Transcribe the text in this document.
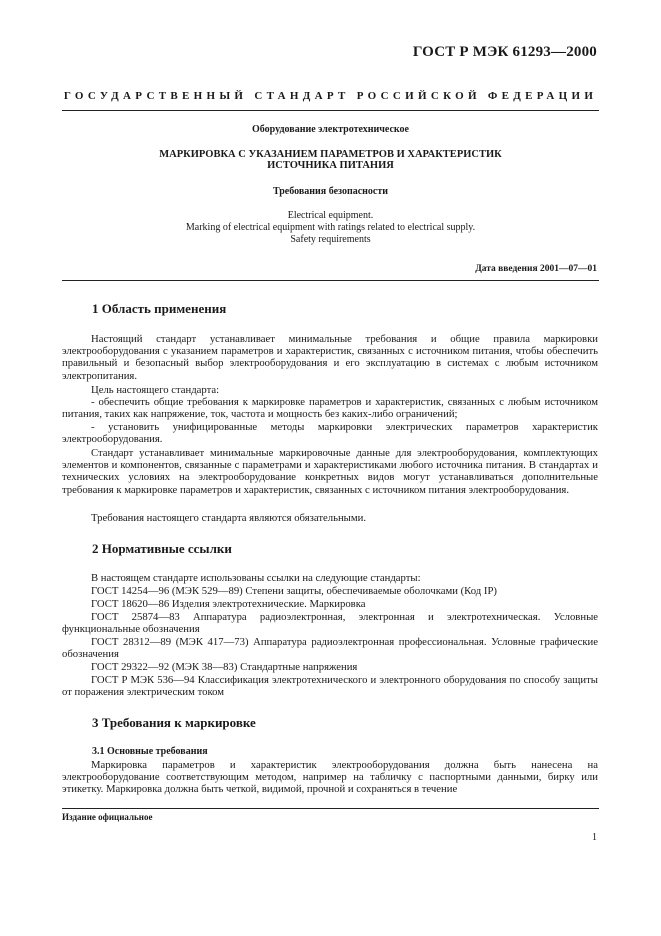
ГОСТ Р МЭК 61293—2000
ГОСУДАРСТВЕННЫЙ СТАНДАРТ РОССИЙСКОЙ ФЕДЕРАЦИИ
Оборудование электротехническое
МАРКИРОВКА С УКАЗАНИЕМ ПАРАМЕТРОВ И ХАРАКТЕРИСТИК
ИСТОЧНИКА ПИТАНИЯ
Требования безопасности
Electrical equipment.
Marking of electrical equipment with ratings related to electrical supply.
Safety requirements
Дата введения 2001—07—01
1 Область применения
Настоящий стандарт устанавливает минимальные требования и общие правила маркировки электрооборудования с указанием параметров и характеристик, связанных с источником питания, чтобы обеспечить правильный и безопасный выбор электрооборудования и его эксплуатацию в системах с любым источником электропитания.
Цель настоящего стандарта:
- обеспечить общие требования к маркировке параметров и характеристик, связанных с любым источником питания, таких как напряжение, ток, частота и мощность без каких-либо ограничений;
- установить унифицированные методы маркировки электрических параметров характеристик электрооборудования.
Стандарт устанавливает минимальные маркировочные данные для электрооборудования, комплектующих элементов и компонентов, связанные с параметрами и характеристиками любого источника питания. В стандартах и технических условиях на электрооборудование конкретных видов могут устанавливаться дополнительные требования к маркировке параметров и характеристик, связанных с источником питания электрооборудования.
Требования настоящего стандарта являются обязательными.
2 Нормативные ссылки
В настоящем стандарте использованы ссылки на следующие стандарты:
ГОСТ 14254—96 (МЭК 529—89) Степени защиты, обеспечиваемые оболочками (Код IP)
ГОСТ 18620—86 Изделия электротехнические. Маркировка
ГОСТ 25874—83 Аппаратура радиоэлектронная, электронная и электротехническая. Условные функциональные обозначения
ГОСТ 28312—89 (МЭК 417—73) Аппаратура радиоэлектронная профессиональная. Условные графические обозначения
ГОСТ 29322—92 (МЭК 38—83) Стандартные напряжения
ГОСТ Р МЭК 536—94 Классификация электротехнического и электронного оборудования по способу защиты от поражения электрическим током
3 Требования к маркировке
3.1 Основные требования
Маркировка параметров и характеристик электрооборудования должна быть нанесена на электрооборудование соответствующим методом, например на табличку с паспортными данными, бирку или этикетку. Маркировка должна быть четкой, видимой, прочной и сохраняться в течение
Издание официальное
1
